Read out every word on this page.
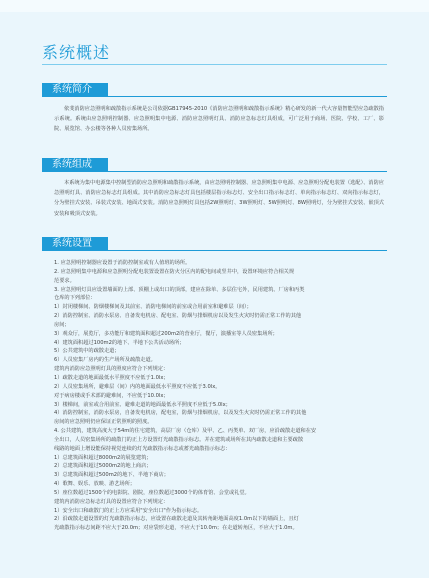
系统概述
系统简介

依斐消防应急照明和疏散指示系统是公司依据GB17945-2010《消防应急照明和疏散指示系统》精心研发的新一代大容量智能型应急疏散指示系统。系统由应急照明控制器、应急照明集中电源、消防应急照明灯具、消防应急标志灯具组成，可广泛用于商场、医院、学校、工厂、影院、展览馆、办公楼等各种人员密集场所。

系统组成

本系统为集中电源集中控制型消防应急照明和疏散指示系统，由应急照明控制器、应急照明集中电源、应急照明分配电装置（选配）、消防应急照明灯具、消防应急标志灯具组成。其中消防应急标志灯具包括楼层指示标志灯、安全出口指示标志灯、单向指示标志灯、双向指示标志灯，分为壁挂式安装、吊装式安装、地面式安装。消防应急照明灯具包括2W照明灯、3W照明灯、5W照明灯、8W照明灯，分为壁挂式安装、嵌顶式安装和吸顶式安装。

系统设置
1. 应急照明控制器应设置于消防控制室或有人值班的场所。
2. 应急照明集中电源和应急照明分配电装置设置在防火分区内的配电间或竖井中，设置环境应符合相关规
范要求。
3. 应急照明灯具应设置墙面的上部、顶棚上或出口的顶部，建应在除单、多层住宅外，民用建筑、厂房和丙类
仓库的下列部位：
1）封闭楼梯间、防烟楼梯间及其前室、消防电梯间的前室或合用前室和避难层（间）；
2）消防控制室、消防水泵房、自备发电机房、配电室、防烟与排烟机房以及发生火灾时仍需正常工作的其他
房间；
3）观众厅，展览厅，多功能厅和建筑面积超过200m2的营业厅，餐厅，演播室等人员密集场所；
4）建筑面积超过100m2的地下、半地下公共活动场所；
5）公共建筑中的疏散走道；
6）人员密集厂房内的生产场所及疏散走道。
建筑内消防应急照明灯具的照度应符合下列规定：
1）疏散走道的地面最低水平照度不应低于1.0lx；
2）人员密集场所，避难层（间）内的地面最低水平照度不应低于3.0lx。
对于病房楼或手术部的避难间，不应低于10.0lx；
3）楼梯间，前室或合用前室、避难走道的地面最低水平照度不应低于5.0lx；
4）消防控制室，消防水泵房，自备发电机房，配电室，防烟与排烟机房，以及发生火灾时仍需正常工作的其他
房间的应急照明仍应保证正常照明的照度。
4. 公共建筑，建筑高度大于54m的住宅建筑，高层厂房（仓库）及甲、乙、丙类单、双厂房，应沿疏散走道和在安
全出口，人员密集场所的疏散门的正上方设置灯光疏散指示标志。并在建筑或场所在其内疏散走道和主要疏散
线路的地面上增设能保持视觉连续的灯光疏散指示标志或蓄光疏散指示标志：
1）总建筑面积超过8000m2的展览建筑；
2）总建筑面积超过5000m2的地上商店；
3）总建筑面积超过500m2的地下、半地下商店；
4）歌舞、娱乐、放映、游艺场所；
5）座位数超过1500个的电影院、剧院，座位数超过3000个的体育馆、会堂或礼堂。
建筑内消防应急标志灯具的设置应符合下列规定：
1）安全出口和疏散门的正上方应采用"安全出口"作为指示标志。
2）沿疏散走道设置的灯光疏散指示标志，应设置在疏散走道及其转角距地面高度1.0m以下的墙面上，且灯
光疏散指示标志间距不应大于20.0m；对应袋形走道，不应大于10.0m；在走道转角区，不应大于1.0m。
